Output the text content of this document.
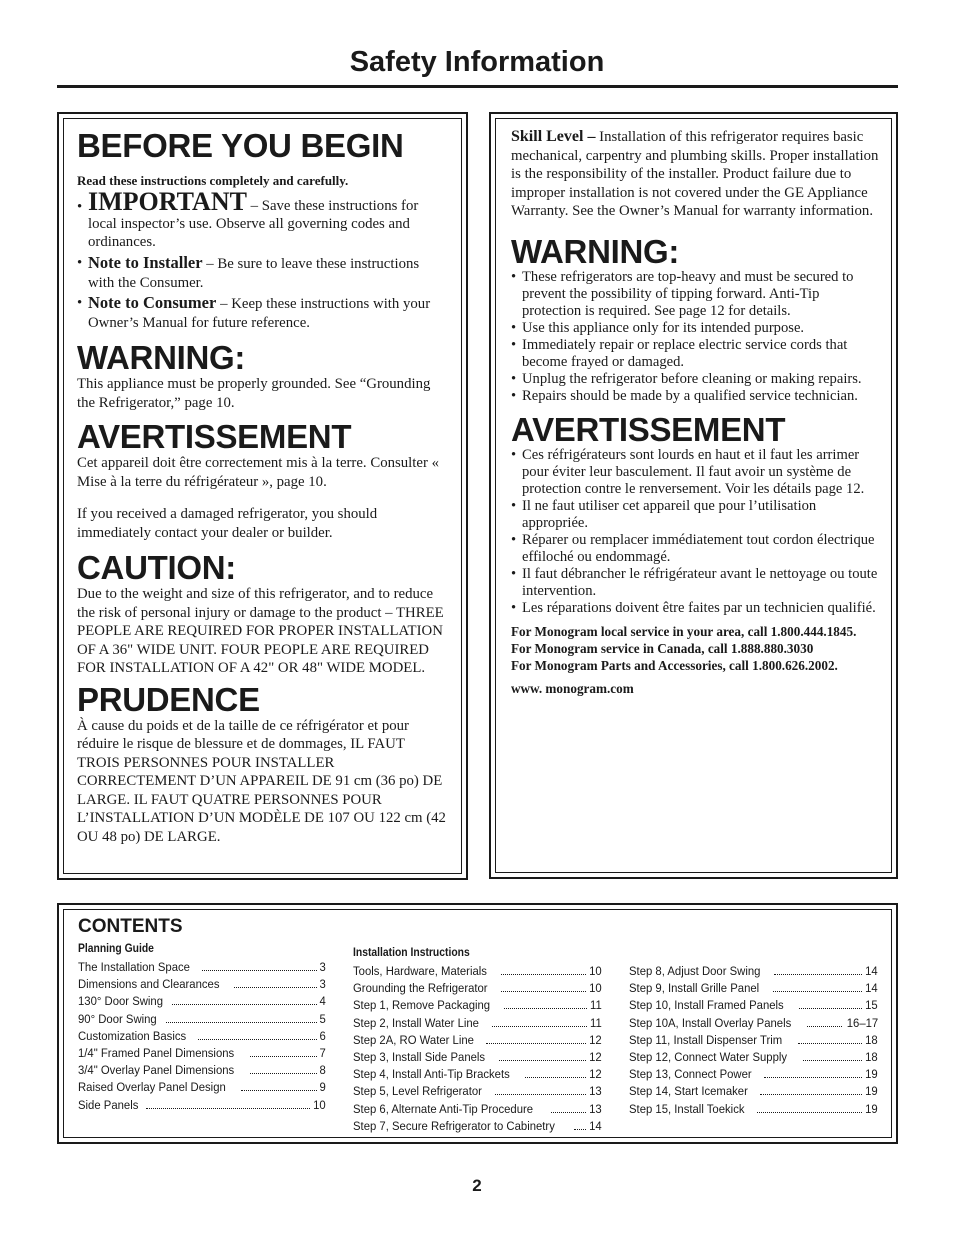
Safety Information
BEFORE YOU BEGIN

Read these instructions completely and carefully.

• IMPORTANT – Save these instructions for local inspector’s use. Observe all governing codes and ordinances.
• Note to Installer – Be sure to leave these instructions with the Consumer.
• Note to Consumer – Keep these instructions with your Owner’s Manual for future reference.
WARNING:

This appliance must be properly grounded. See “Grounding the Refrigerator,” page 10.

AVERTISSEMENT

Cet appareil doit être correctement mis à la terre. Consulter « Mise à la terre du réfrigérateur », page 10.

If you received a damaged refrigerator, you should immediately contact your dealer or builder.

CAUTION:

Due to the weight and size of this refrigerator, and to reduce the risk of personal injury or damage to the product – THREE PEOPLE ARE REQUIRED FOR PROPER INSTALLATION OF A 36" WIDE UNIT. FOUR PEOPLE ARE REQUIRED FOR INSTALLATION OF A 42" OR 48" WIDE MODEL.

PRUDENCE

À cause du poids et de la taille de ce réfrigérator et pour réduire le risque de blessure et de dommages, IL FAUT TROIS PERSONNES POUR INSTALLER CORRECTEMENT D’UN APPAREIL DE 91 cm (36 po) DE LARGE. IL FAUT QUATRE PERSONNES POUR L’INSTALLATION D’UN MODÈLE DE 107 OU 122 cm (42 OU 48 po) DE LARGE.

Skill Level – Installation of this refrigerator requires basic mechanical, carpentry and plumbing skills. Proper installation is the responsibility of the installer. Product failure due to improper installation is not covered under the GE Appliance Warranty. See the Owner’s Manual for warranty information.

WARNING:
• These refrigerators are top-heavy and must be secured to prevent the possibility of tipping forward. Anti-Tip protection is required. See page 12 for details.
• Use this appliance only for its intended purpose.
• Immediately repair or replace electric service cords that become frayed or damaged.
• Unplug the refrigerator before cleaning or making repairs.
• Repairs should be made by a qualified service technician.
AVERTISSEMENT
• Ces réfrigérateurs sont lourds en haut et il faut les arrimer pour éviter leur basculement. Il faut avoir un système de protection contre le renversement. Voir les détails page 12.
• Il ne faut utiliser cet appareil que pour l’utilisation appropriée.
• Réparer ou remplacer immédiatement tout cordon électrique effiloché ou endommagé.
• Il faut débrancher le réfrigérateur avant le nettoyage ou toute intervention.
• Les réparations doivent être faites par un technicien qualifié.

For Monogram local service in your area, call 1.800.444.1845.

For Monogram service in Canada, call 1.888.880.3030

For Monogram Parts and Accessories, call 1.800.626.2002.

www. monogram.com

CONTENTS
Planning Guide
The Installation Space	3
Dimensions and Clearances	3
130° Door Swing	4
90° Door Swing	5
Customization Basics	6
1/4" Framed Panel Dimensions	7
3/4" Overlay Panel Dimensions	8
Raised Overlay Panel Design	9
Side Panels	10
Installation Instructions
Tools, Hardware, Materials	10
Grounding the Refrigerator	10
Step 1, Remove Packaging	11
Step 2, Install Water Line	11
Step 2A, RO Water Line	12
Step 3, Install Side Panels	12
Step 4, Install Anti-Tip Brackets	12
Step 5, Level Refrigerator	13
Step 6, Alternate Anti-Tip Procedure	13
Step 7, Secure Refrigerator to Cabinetry	14
Step 8, Adjust Door Swing	14
Step 9, Install Grille Panel	14
Step 10, Install Framed Panels	15
Step 10A, Install Overlay Panels	16–17
Step 11, Install Dispenser Trim	18
Step 12, Connect Water Supply	18
Step 13, Connect Power	19
Step 14, Start Icemaker	19
Step 15, Install Toekick	19

2
